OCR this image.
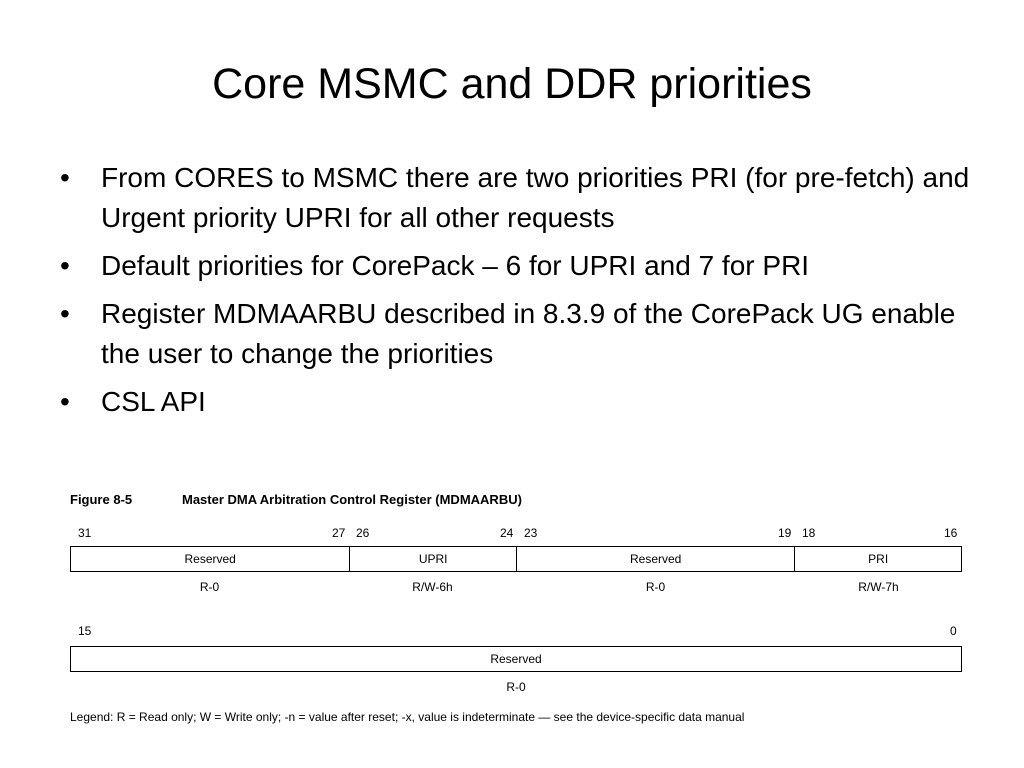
Core MSMC and DDR priorities
• From CORES to MSMC there are two priorities PRI (for pre-fetch) and Urgent priority UPRI for all other requests
• Default priorities for CorePack – 6 for UPRI and 7 for PRI
• Register MDMAARBU described in 8.3.9 of the CorePack UG enable the user to change the priorities
• CSL API
Figure 8-5	Master DMA Arbitration Control Register (MDMAARBU)
31	27 26	24 23	19 18	16
Reserved	UPRI	Reserved	PRI
R-0	R/W-6h	R-0	R/W-7h
15	0
Reserved
R-0
Legend: R = Read only; W = Write only; -n = value after reset; -x, value is indeterminate — see the device-specific data manual
